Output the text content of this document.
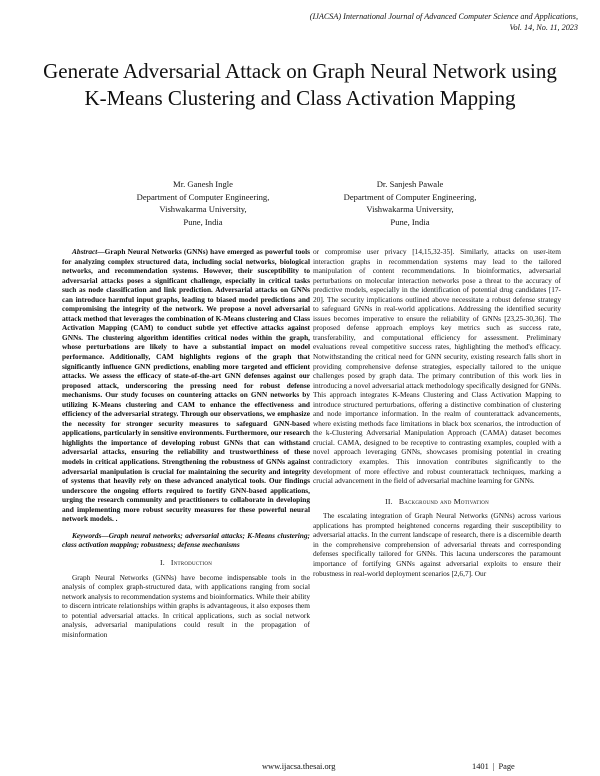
(IJACSA) International Journal of Advanced Computer Science and Applications,
Vol. 14, No. 11, 2023
Generate Adversarial Attack on Graph Neural Network using K-Means Clustering and Class Activation Mapping
Mr. Ganesh Ingle
Department of Computer Engineering,
Vishwakarma University,
Pune, India
Dr. Sanjesh Pawale
Department of Computer Engineering,
Vishwakarma University,
Pune, India

Abstract—Graph Neural Networks (GNNs) have emerged as powerful tools for analyzing complex structured data, including social networks, biological networks, and recommendation systems. However, their susceptibility to adversarial attacks poses a significant challenge, especially in critical tasks such as node classification and link prediction. Adversarial attacks on GNNs can introduce harmful input graphs, leading to biased model predictions and compromising the integrity of the network. We propose a novel adversarial attack method that leverages the combination of K-Means clustering and Class Activation Mapping (CAM) to conduct subtle yet effective attacks against GNNs. The clustering algorithm identifies critical nodes within the graph, whose perturbations are likely to have a substantial impact on model performance. Additionally, CAM highlights regions of the graph that significantly influence GNN predictions, enabling more targeted and efficient attacks. We assess the efficacy of state-of-the-art GNN defenses against our proposed attack, underscoring the pressing need for robust defense mechanisms. Our study focuses on countering attacks on GNN networks by utilizing K-Means clustering and CAM to enhance the effectiveness and efficiency of the adversarial strategy. Through our observations, we emphasize the necessity for stronger security measures to safeguard GNN-based applications, particularly in sensitive environments. Furthermore, our research highlights the importance of developing robust GNNs that can withstand adversarial attacks, ensuring the reliability and trustworthiness of these models in critical applications. Strengthening the robustness of GNNs against adversarial manipulation is crucial for maintaining the security and integrity of systems that heavily rely on these advanced analytical tools. Our findings underscore the ongoing efforts required to fortify GNN-based applications, urging the research community and practitioners to collaborate in developing and implementing more robust security measures for these powerful neural network models. .

Keywords—Graph neural networks; adversarial attacks; K-Means clustering; class activation mapping; robustness; defense mechanisms

I. Introduction

Graph Neural Networks (GNNs) have become indispensable tools in the analysis of complex graph-structured data, with applications ranging from social network analysis to recommendation systems and bioinformatics. While their ability to discern intricate relationships within graphs is advantageous, it also exposes them to potential adversarial attacks. In critical applications, such as social network analysis, adversarial manipulations could result in the propagation of misinformation

or compromise user privacy [14,15,32-35]. Similarly, attacks on user-item interaction graphs in recommendation systems may lead to the tailored manipulation of content recommendations. In bioinformatics, adversarial perturbations on molecular interaction networks pose a threat to the accuracy of predictive models, especially in the identification of potential drug candidates [17-20]. The security implications outlined above necessitate a robust defense strategy to safeguard GNNs in real-world applications. Addressing the identified security issues becomes imperative to ensure the reliability of GNNs [23,25-30,36]. The proposed defense approach employs key metrics such as success rate, transferability, and computational efficiency for assessment. Preliminary evaluations reveal competitive success rates, highlighting the method's efficacy. Notwithstanding the critical need for GNN security, existing research falls short in providing comprehensive defense strategies, especially tailored to the unique challenges posed by graph data. The primary contribution of this work lies in introducing a novel adversarial attack methodology specifically designed for GNNs. This approach integrates K-Means Clustering and Class Activation Mapping to introduce structured perturbations, offering a distinctive combination of clustering and node importance information. In the realm of counterattack advancements, where existing methods face limitations in black box scenarios, the introduction of the k-Clustering Adversarial Manipulation Approach (CAMA) dataset becomes crucial. CAMA, designed to be receptive to contrasting examples, coupled with a novel approach leveraging GNNs, showcases promising potential in creating contradictory examples. This innovation contributes significantly to the development of more effective and robust counterattack techniques, marking a crucial advancement in the field of adversarial machine learning for GNNs.

II. Background and Motivation

The escalating integration of Graph Neural Networks (GNNs) across various applications has prompted heightened concerns regarding their susceptibility to adversarial attacks. In the current landscape of research, there is a discernible dearth in the comprehensive comprehension of adversarial threats and corresponding defenses specifically tailored for GNNs. This lacuna underscores the paramount importance of fortifying GNNs against adversarial exploits to ensure their robustness in real-world deployment scenarios [2,6,7]. Our

www.ijacsa.thesai.org	1401 | Page
